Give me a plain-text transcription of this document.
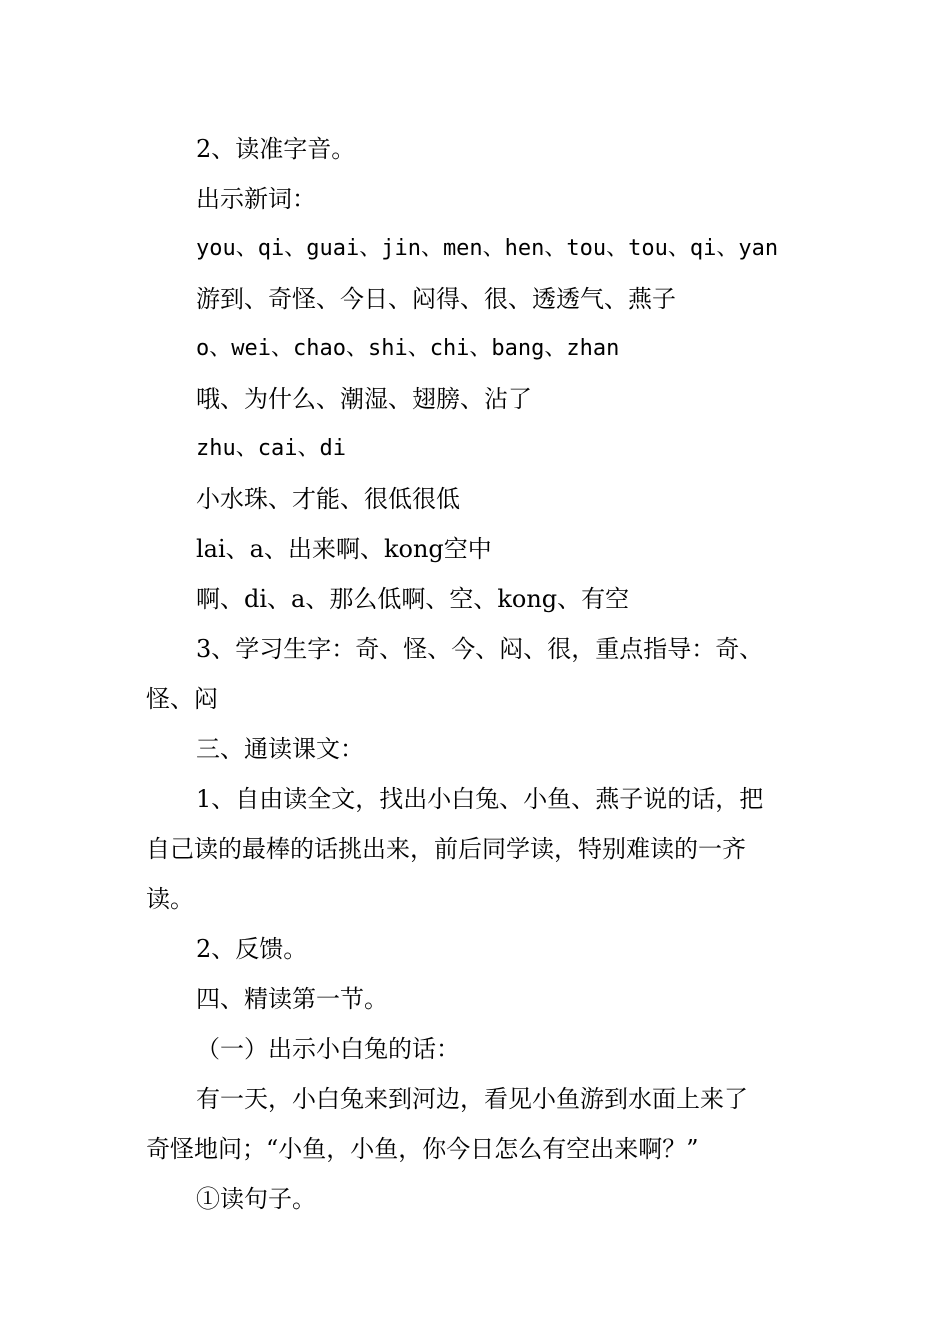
2、读准字音。
出示新词：
you、qi、guai、jin、men、hen、tou、tou、qi、yan
游到、奇怪、今日、闷得、很、透透气、燕子
o、wei、chao、shi、chi、bang、zhan
哦、为什么、潮湿、翅膀、沾了
zhu、cai、di
小水珠、才能、很低很低
lai、a、出来啊、kong空中
啊、di、a、那么低啊、空、kong、有空
3、学习生字：奇、怪、今、闷、很，重点指导：奇、
怪、闷
三、通读课文：
1、自由读全文，找出小白兔、小鱼、燕子说的话，把
自己读的最棒的话挑出来，前后同学读，特别难读的一齐
读。
2、反馈。
四、精读第一节。
（一）出示小白兔的话：
有一天，小白兔来到河边，看见小鱼游到水面上来了
奇怪地问；“小鱼，小鱼，你今日怎么有空出来啊？”
①读句子。
